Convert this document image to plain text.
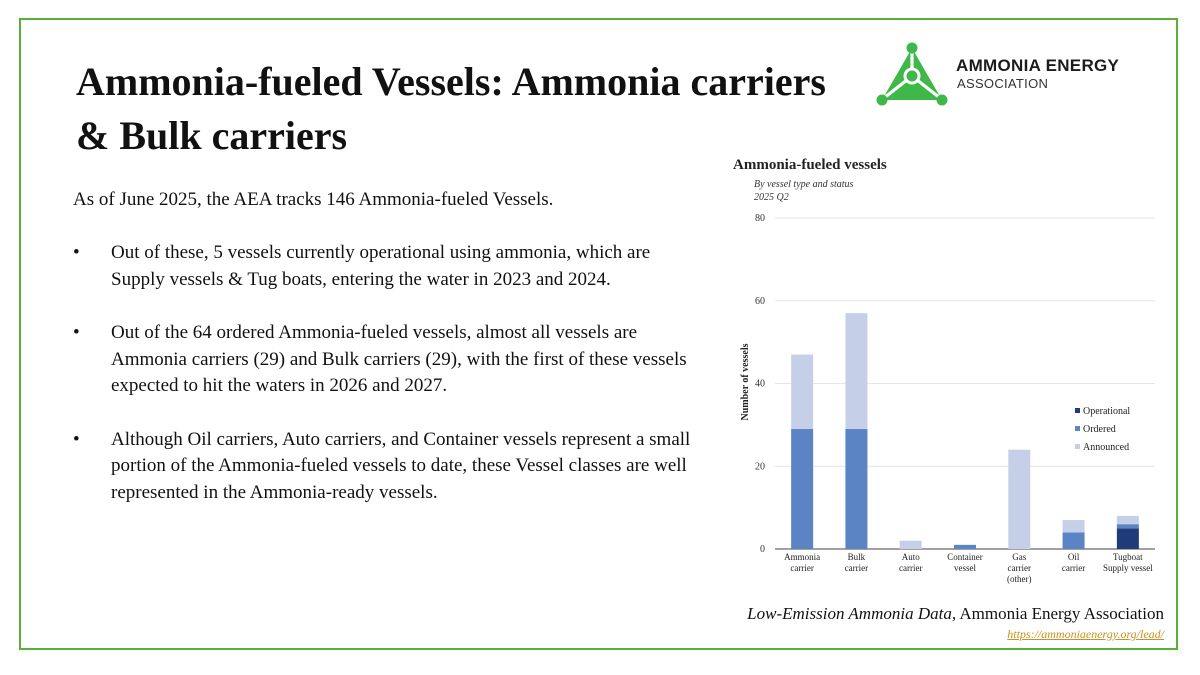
Ammonia-fueled Vessels: Ammonia carriers & Bulk carriers
AMMONIA ENERGY
ASSOCIATION

As of June 2025, the AEA tracks 146 Ammonia-fueled Vessels.

• Out of these, 5 vessels currently operational using ammonia, which are Supply vessels & Tug boats, entering the water in 2023 and 2024.
• Out of the 64 ordered Ammonia-fueled vessels, almost all vessels are Ammonia carriers (29) and Bulk carriers (29), with the first of these vessels expected to hit the waters in 2026 and 2027.
• Although Oil carriers, Auto carriers, and Container vessels represent a small portion of the Ammonia-fueled vessels to date, these Vessel classes are well represented in the Ammonia-ready vessels.
Ammonia-fueled vessels
By vessel type and status
2025 Q2
Number of vessels
0
20
40
60
80
Ammonia carrier
Bulk carrier
Auto carrier
Container vessel
Gas carrier (other)
Oil carrier
Tugboat Supply vessel
Operational
Ordered
Announced
Low-Emission Ammonia Data, Ammonia Energy Association
https://ammoniaenergy.org/lead/
